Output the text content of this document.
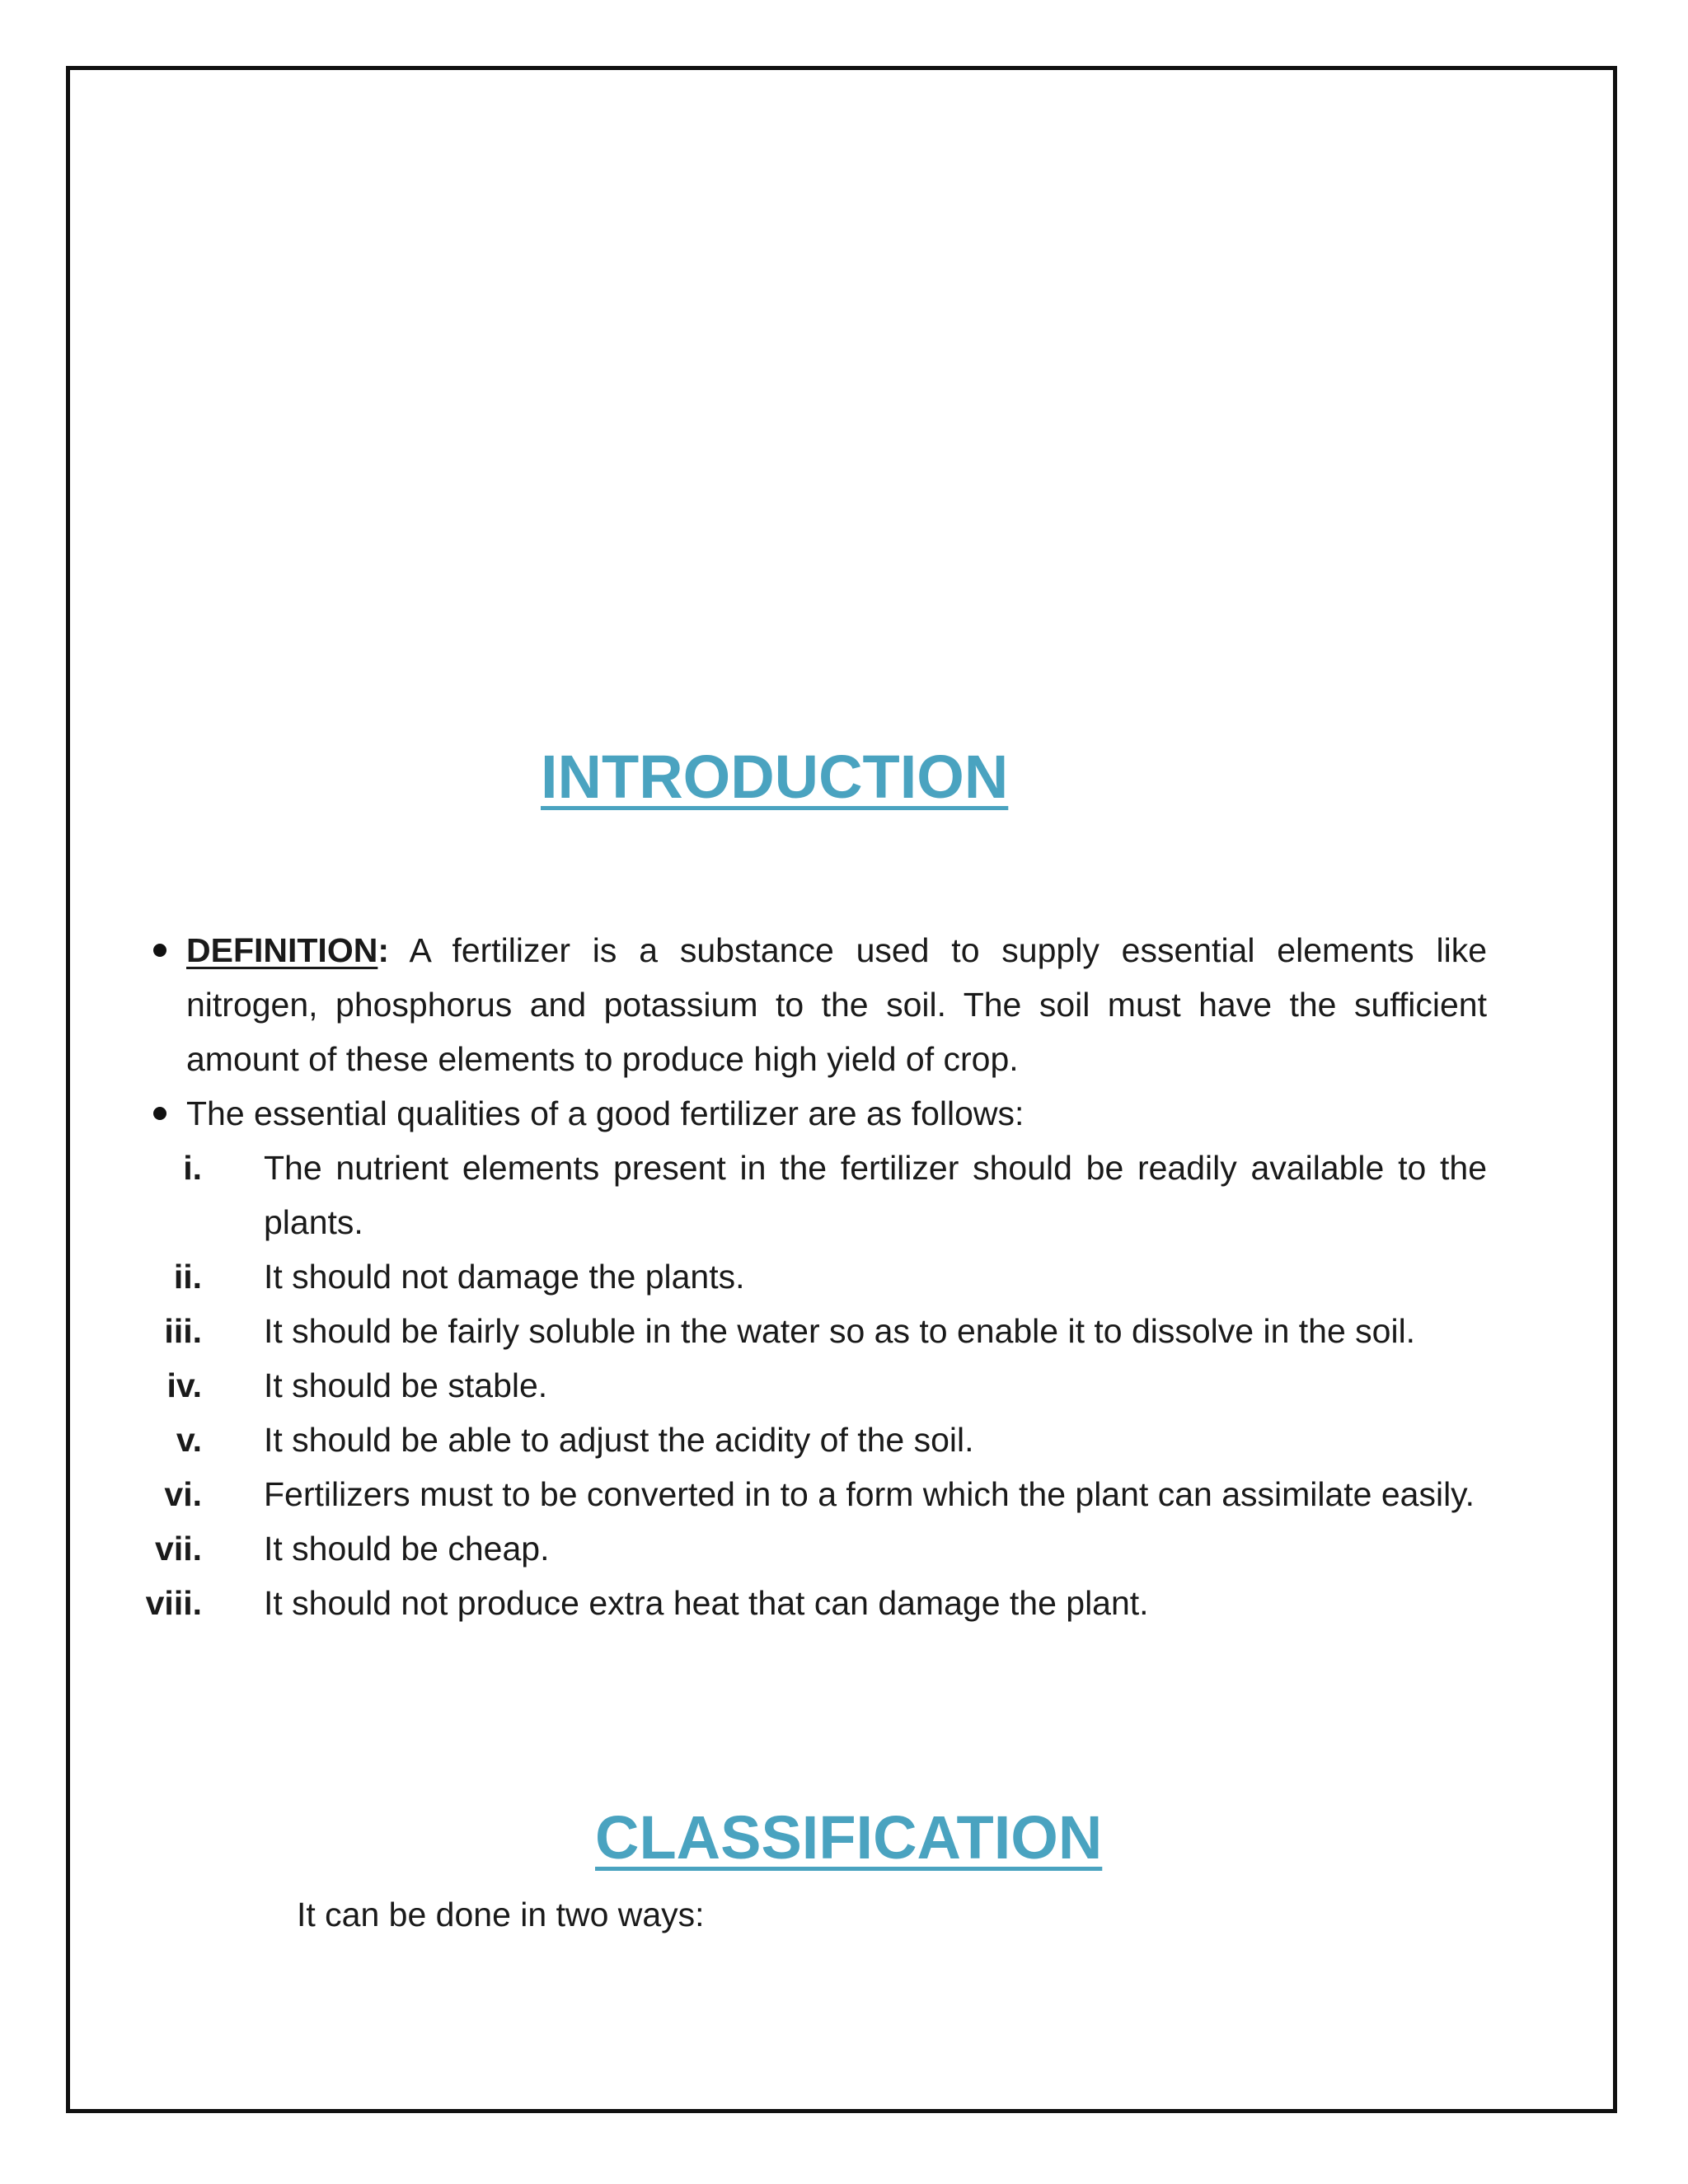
INTRODUCTION
DEFINITION: A fertilizer is a substance used to supply essential elements like nitrogen, phosphorus and potassium to the soil. The soil must have the sufficient amount of these elements to produce high yield of crop.
The essential qualities of a good fertilizer are as follows:
i. The nutrient elements present in the fertilizer should be readily available to the plants.
ii. It should not damage the plants.
iii. It should be fairly soluble in the water so as to enable it to dissolve in the soil.
iv. It should be stable.
v. It should be able to adjust the acidity of the soil.
vi. Fertilizers must to be converted in to a form which the plant can assimilate easily.
vii. It should be cheap.
viii. It should not produce extra heat that can damage the plant.
CLASSIFICATION

It can be done in two ways:
